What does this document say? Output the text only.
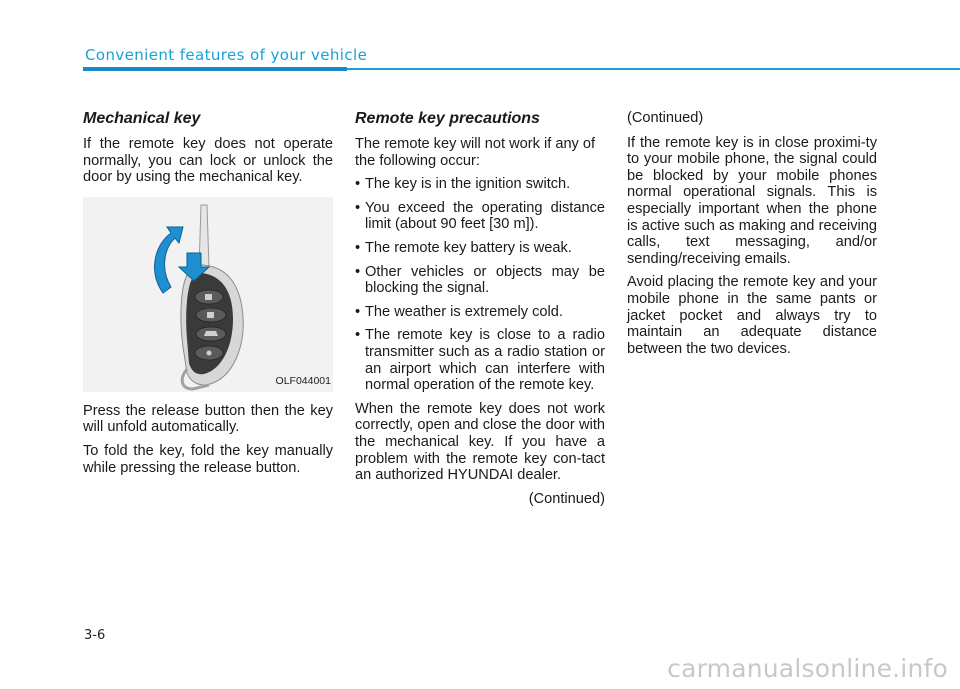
Convenient features of your vehicle
Mechanical key

If the remote key does not operate normally, you can lock or unlock the door by using the mechanical key.

OLF044001

Press the release button then the key will unfold automatically.

To fold the key, fold the key manually while pressing the release button.

Remote key precautions

The remote key will not work if any of the following occur:

• The key is in the ignition switch.
• You exceed the operating distance limit (about 90 feet [30 m]).
• The remote key battery is weak.
• Other vehicles or objects may be blocking the signal.
• The weather is extremely cold.
• The remote key is close to a radio transmitter such as a radio station or an airport which can interfere with normal operation of the remote key.

When the remote key does not work correctly, open and close the door with the mechanical key. If you have a problem with the remote key con-tact an authorized HYUNDAI dealer.

(Continued)

(Continued)

If the remote key is in close proximi-ty to your mobile phone, the signal could be blocked by your mobile phones normal operational signals. This is especially important when the phone is active such as making and receiving calls, text messaging, and/or sending/receiving emails.

Avoid placing the remote key and your mobile phone in the same pants or jacket pocket and always try to maintain an adequate distance between the two devices.

3-6
carmanualsonline.info
